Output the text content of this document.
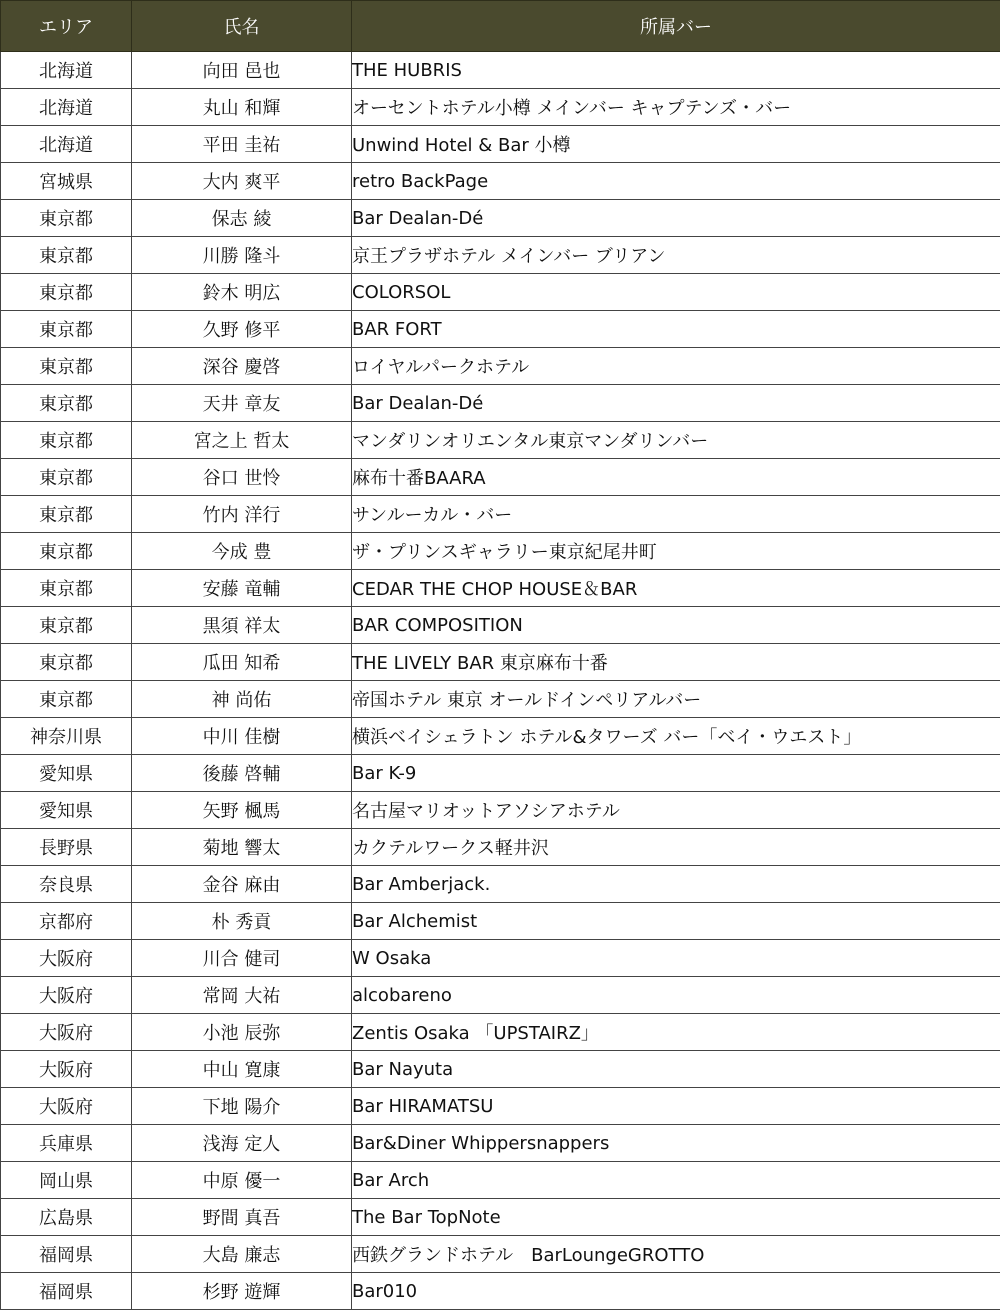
エリア	氏名	所属バー
北海道	向田 邑也	THE HUBRIS
北海道	丸山 和輝	オーセントホテル小樽 メインバー キャプテンズ・バー
北海道	平田 圭祐	Unwind Hotel & Bar 小樽
宮城県	大内 爽平	retro BackPage
東京都	保志 綾	Bar Dealan-Dé
東京都	川勝 隆斗	京王プラザホテル メインバー ブリアン
東京都	鈴木 明広	COLORSOL
東京都	久野 修平	BAR FORT
東京都	深谷 慶啓	ロイヤルパークホテル
東京都	天井 章友	Bar Dealan-Dé
東京都	宮之上 哲太	マンダリンオリエンタル東京マンダリンバー
東京都	谷口 世怜	麻布十番BAARA
東京都	竹内 洋行	サンルーカル・バー
東京都	今成 豊	ザ・プリンスギャラリー東京紀尾井町
東京都	安藤 竜輔	CEDAR THE CHOP HOUSE＆BAR
東京都	黒須 祥太	BAR COMPOSITION
東京都	瓜田 知希	THE LIVELY BAR 東京麻布十番
東京都	神 尚佑	帝国ホテル 東京 オールドインペリアルバー
神奈川県	中川 佳樹	横浜ベイシェラトン ホテル&タワーズ バー「ベイ・ウエスト」
愛知県	後藤 啓輔	Bar K-9
愛知県	矢野 楓馬	名古屋マリオットアソシアホテル
長野県	菊地 響太	カクテルワークス軽井沢
奈良県	金谷 麻由	Bar Amberjack.
京都府	朴 秀貢	Bar Alchemist
大阪府	川合 健司	W Osaka
大阪府	常岡 大祐	alcobareno
大阪府	小池 辰弥	Zentis Osaka 「UPSTAIRZ」
大阪府	中山 寛康	Bar Nayuta
大阪府	下地 陽介	Bar HIRAMATSU
兵庫県	浅海 定人	Bar&Diner Whippersnappers
岡山県	中原 優一	Bar Arch
広島県	野間 真吾	The Bar TopNote
福岡県	大島 廉志	西鉄グランドホテル　BarLoungeGROTTO
福岡県	杉野 遊輝	Bar010
